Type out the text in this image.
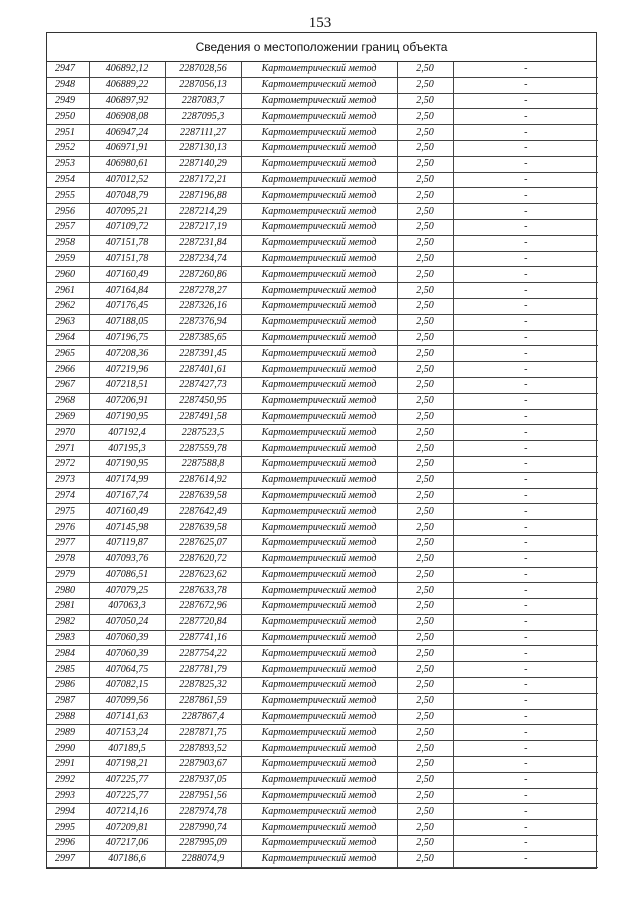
153
Сведения о местоположении границ объекта
2947	406892,12	2287028,56	Картометрический метод	2,50	-
2948	406889,22	2287056,13	Картометрический метод	2,50	-
2949	406897,92	2287083,7	Картометрический метод	2,50	-
2950	406908,08	2287095,3	Картометрический метод	2,50	-
2951	406947,24	2287111,27	Картометрический метод	2,50	-
2952	406971,91	2287130,13	Картометрический метод	2,50	-
2953	406980,61	2287140,29	Картометрический метод	2,50	-
2954	407012,52	2287172,21	Картометрический метод	2,50	-
2955	407048,79	2287196,88	Картометрический метод	2,50	-
2956	407095,21	2287214,29	Картометрический метод	2,50	-
2957	407109,72	2287217,19	Картометрический метод	2,50	-
2958	407151,78	2287231,84	Картометрический метод	2,50	-
2959	407151,78	2287234,74	Картометрический метод	2,50	-
2960	407160,49	2287260,86	Картометрический метод	2,50	-
2961	407164,84	2287278,27	Картометрический метод	2,50	-
2962	407176,45	2287326,16	Картометрический метод	2,50	-
2963	407188,05	2287376,94	Картометрический метод	2,50	-
2964	407196,75	2287385,65	Картометрический метод	2,50	-
2965	407208,36	2287391,45	Картометрический метод	2,50	-
2966	407219,96	2287401,61	Картометрический метод	2,50	-
2967	407218,51	2287427,73	Картометрический метод	2,50	-
2968	407206,91	2287450,95	Картометрический метод	2,50	-
2969	407190,95	2287491,58	Картометрический метод	2,50	-
2970	407192,4	2287523,5	Картометрический метод	2,50	-
2971	407195,3	2287559,78	Картометрический метод	2,50	-
2972	407190,95	2287588,8	Картометрический метод	2,50	-
2973	407174,99	2287614,92	Картометрический метод	2,50	-
2974	407167,74	2287639,58	Картометрический метод	2,50	-
2975	407160,49	2287642,49	Картометрический метод	2,50	-
2976	407145,98	2287639,58	Картометрический метод	2,50	-
2977	407119,87	2287625,07	Картометрический метод	2,50	-
2978	407093,76	2287620,72	Картометрический метод	2,50	-
2979	407086,51	2287623,62	Картометрический метод	2,50	-
2980	407079,25	2287633,78	Картометрический метод	2,50	-
2981	407063,3	2287672,96	Картометрический метод	2,50	-
2982	407050,24	2287720,84	Картометрический метод	2,50	-
2983	407060,39	2287741,16	Картометрический метод	2,50	-
2984	407060,39	2287754,22	Картометрический метод	2,50	-
2985	407064,75	2287781,79	Картометрический метод	2,50	-
2986	407082,15	2287825,32	Картометрический метод	2,50	-
2987	407099,56	2287861,59	Картометрический метод	2,50	-
2988	407141,63	2287867,4	Картометрический метод	2,50	-
2989	407153,24	2287871,75	Картометрический метод	2,50	-
2990	407189,5	2287893,52	Картометрический метод	2,50	-
2991	407198,21	2287903,67	Картометрический метод	2,50	-
2992	407225,77	2287937,05	Картометрический метод	2,50	-
2993	407225,77	2287951,56	Картометрический метод	2,50	-
2994	407214,16	2287974,78	Картометрический метод	2,50	-
2995	407209,81	2287990,74	Картометрический метод	2,50	-
2996	407217,06	2287995,09	Картометрический метод	2,50	-
2997	407186,6	2288074,9	Картометрический метод	2,50	-
